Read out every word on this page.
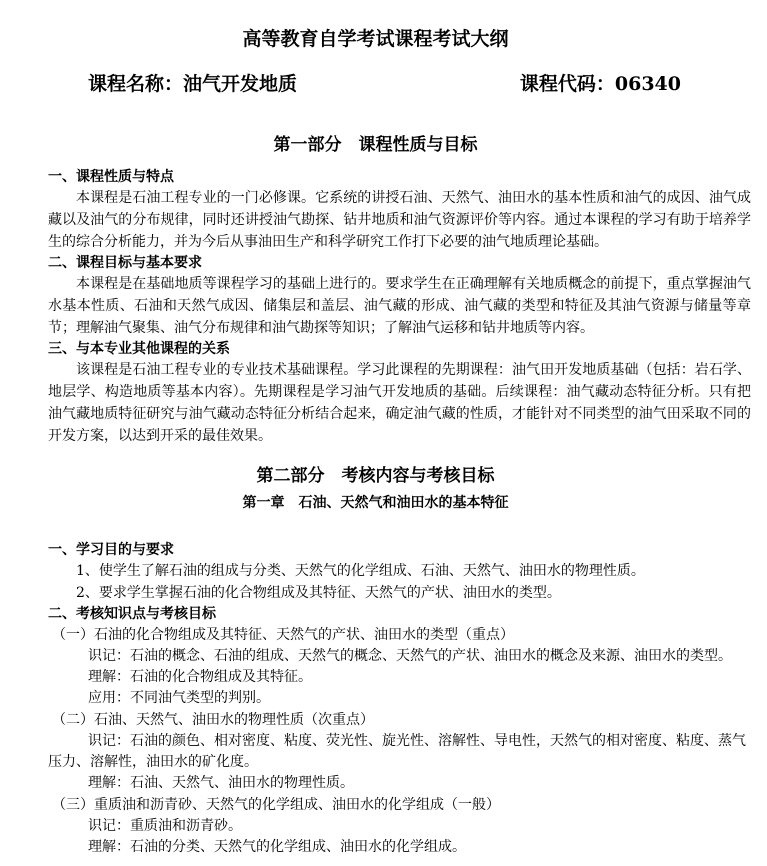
高等教育自学考试课程考试大纲
课程名称：油气开发地质	课程代码：06340
第一部分　课程性质与目标
一、课程性质与特点
本课程是石油工程专业的一门必修课。它系统的讲授石油、天然气、油田水的基本性质和油气的成因、油气成藏以及油气的分布规律，同时还讲授油气勘探、钻井地质和油气资源评价等内容。通过本课程的学习有助于培养学生的综合分析能力，并为今后从事油田生产和科学研究工作打下必要的油气地质理论基础。
二、课程目标与基本要求
本课程是在基础地质等课程学习的基础上进行的。要求学生在正确理解有关地质概念的前提下，重点掌握油气水基本性质、石油和天然气成因、储集层和盖层、油气藏的形成、油气藏的类型和特征及其油气资源与储量等章节；理解油气聚集、油气分布规律和油气勘探等知识；了解油气运移和钻井地质等内容。
三、与本专业其他课程的关系
该课程是石油工程专业的专业技术基础课程。学习此课程的先期课程：油气田开发地质基础（包括：岩石学、地层学、构造地质等基本内容）。先期课程是学习油气开发地质的基础。后续课程：油气藏动态特征分析。只有把油气藏地质特征研究与油气藏动态特征分析结合起来，确定油气藏的性质，才能针对不同类型的油气田采取不同的开发方案，以达到开采的最佳效果。
第二部分　考核内容与考核目标
第一章　石油、天然气和油田水的基本特征
一、学习目的与要求
1、使学生了解石油的组成与分类、天然气的化学组成、石油、天然气、油田水的物理性质。
2、要求学生掌握石油的化合物组成及其特征、天然气的产状、油田水的类型。
二、考核知识点与考核目标
（一）石油的化合物组成及其特征、天然气的产状、油田水的类型（重点）
识记：石油的概念、石油的组成、天然气的概念、天然气的产状、油田水的概念及来源、油田水的类型。
理解：石油的化合物组成及其特征。
应用：不同油气类型的判别。
（二）石油、天然气、油田水的物理性质（次重点）
识记：石油的颜色、相对密度、粘度、荧光性、旋光性、溶解性、导电性，天然气的相对密度、粘度、蒸气压力、溶解性，油田水的矿化度。
理解：石油、天然气、油田水的物理性质。
（三）重质油和沥青砂、天然气的化学组成、油田水的化学组成（一般）
识记：重质油和沥青砂。
理解：石油的分类、天然气的化学组成、油田水的化学组成。
